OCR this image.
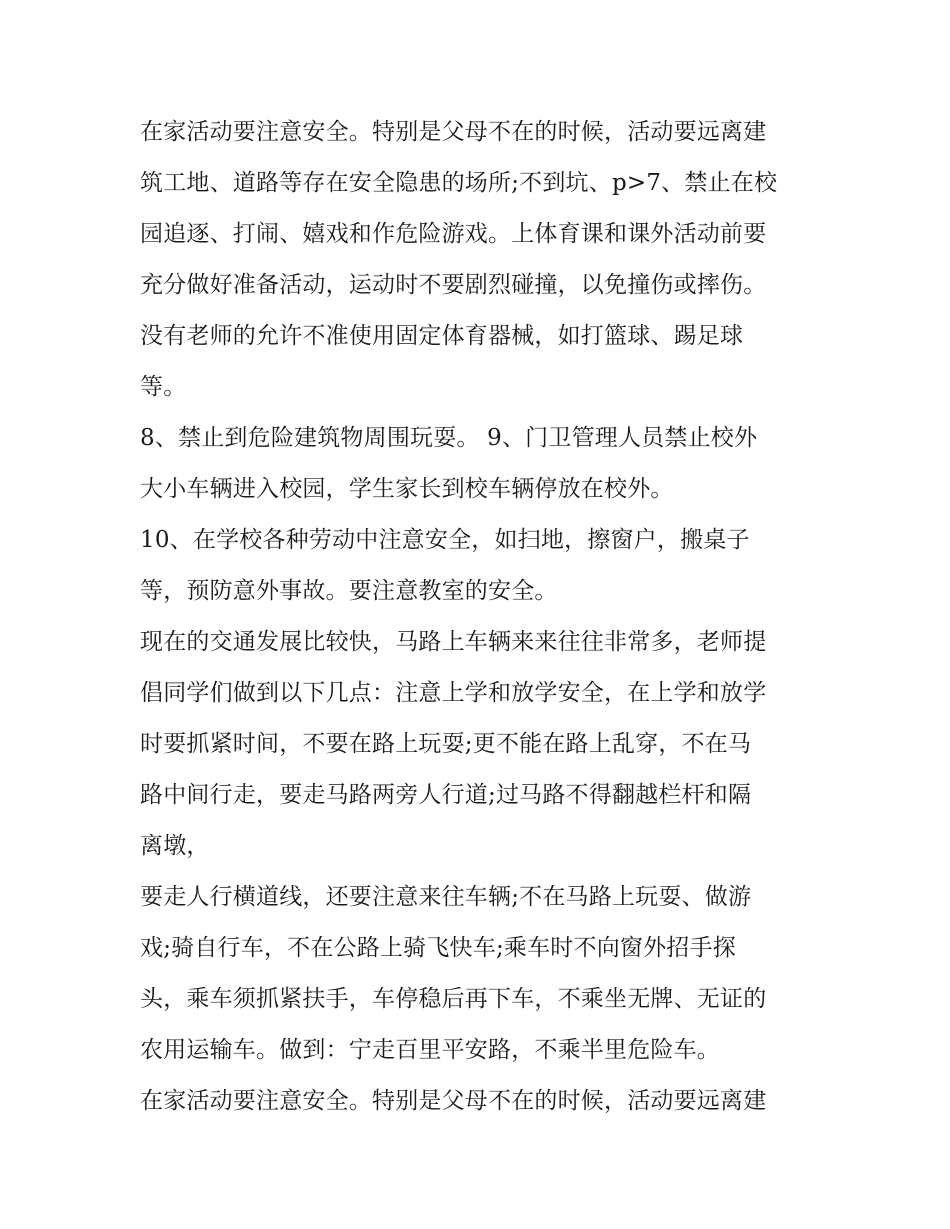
在家活动要注意安全。特别是父母不在的时候，活动要远离建
筑工地、道路等存在安全隐患的场所;不到坑、p>7、禁止在校
园追逐、打闹、嬉戏和作危险游戏。上体育课和课外活动前要
充分做好准备活动，运动时不要剧烈碰撞，以免撞伤或摔伤。
没有老师的允许不准使用固定体育器械，如打篮球、踢足球
等。
8、禁止到危险建筑物周围玩耍。 9、门卫管理人员禁止校外
大小车辆进入校园，学生家长到校车辆停放在校外。
10、在学校各种劳动中注意安全，如扫地，擦窗户，搬桌子
等，预防意外事故。要注意教室的安全。
现在的交通发展比较快，马路上车辆来来往往非常多，老师提
倡同学们做到以下几点：注意上学和放学安全，在上学和放学
时要抓紧时间，不要在路上玩耍;更不能在路上乱穿，不在马
路中间行走，要走马路两旁人行道;过马路不得翻越栏杆和隔
离墩，
要走人行横道线，还要注意来往车辆;不在马路上玩耍、做游
戏;骑自行车，不在公路上骑飞快车;乘车时不向窗外招手探
头，乘车须抓紧扶手，车停稳后再下车，不乘坐无牌、无证的
农用运输车。做到：宁走百里平安路，不乘半里危险车。
在家活动要注意安全。特别是父母不在的时候，活动要远离建
